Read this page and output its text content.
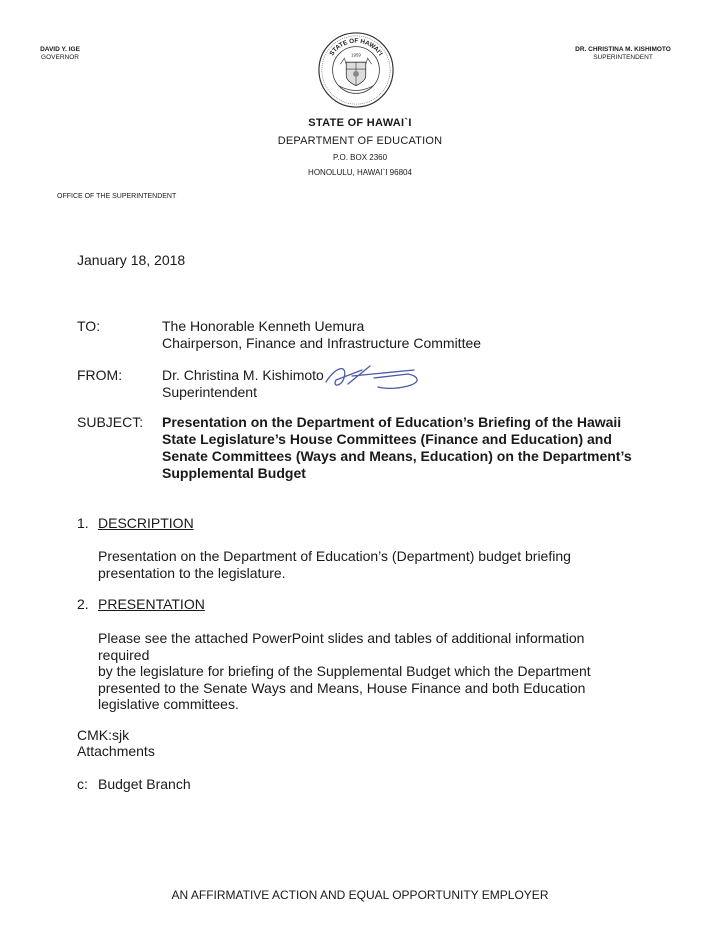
DAVID Y. IGE
GOVERNOR
STATE OF HAWAI'I
1959
DR. CHRISTINA M. KISHIMOTO
SUPERINTENDENT
STATE OF HAWAI`I
DEPARTMENT OF EDUCATION
P.O. BOX 2360
HONOLULU, HAWAI`I 96804
OFFICE OF THE SUPERINTENDENT
January 18, 2018
TO:	The Honorable Kenneth Uemura
Chairperson, Finance and Infrastructure Committee
FROM:	Dr. Christina M. Kishimoto
Superintendent
SUBJECT: Presentation on the Department of Education’s Briefing of the Hawaii
State Legislature’s House Committees (Finance and Education) and
Senate Committees (Ways and Means, Education) on the Department’s
Supplemental Budget
1. DESCRIPTION
Presentation on the Department of Education’s (Department) budget briefing
presentation to the legislature.
2. PRESENTATION
Please see the attached PowerPoint slides and tables of additional information required
by the legislature for briefing of the Supplemental Budget which the Department
presented to the Senate Ways and Means, House Finance and both Education
legislative committees.
CMK:sjk
Attachments
c: Budget Branch
AN AFFIRMATIVE ACTION AND EQUAL OPPORTUNITY EMPLOYER
